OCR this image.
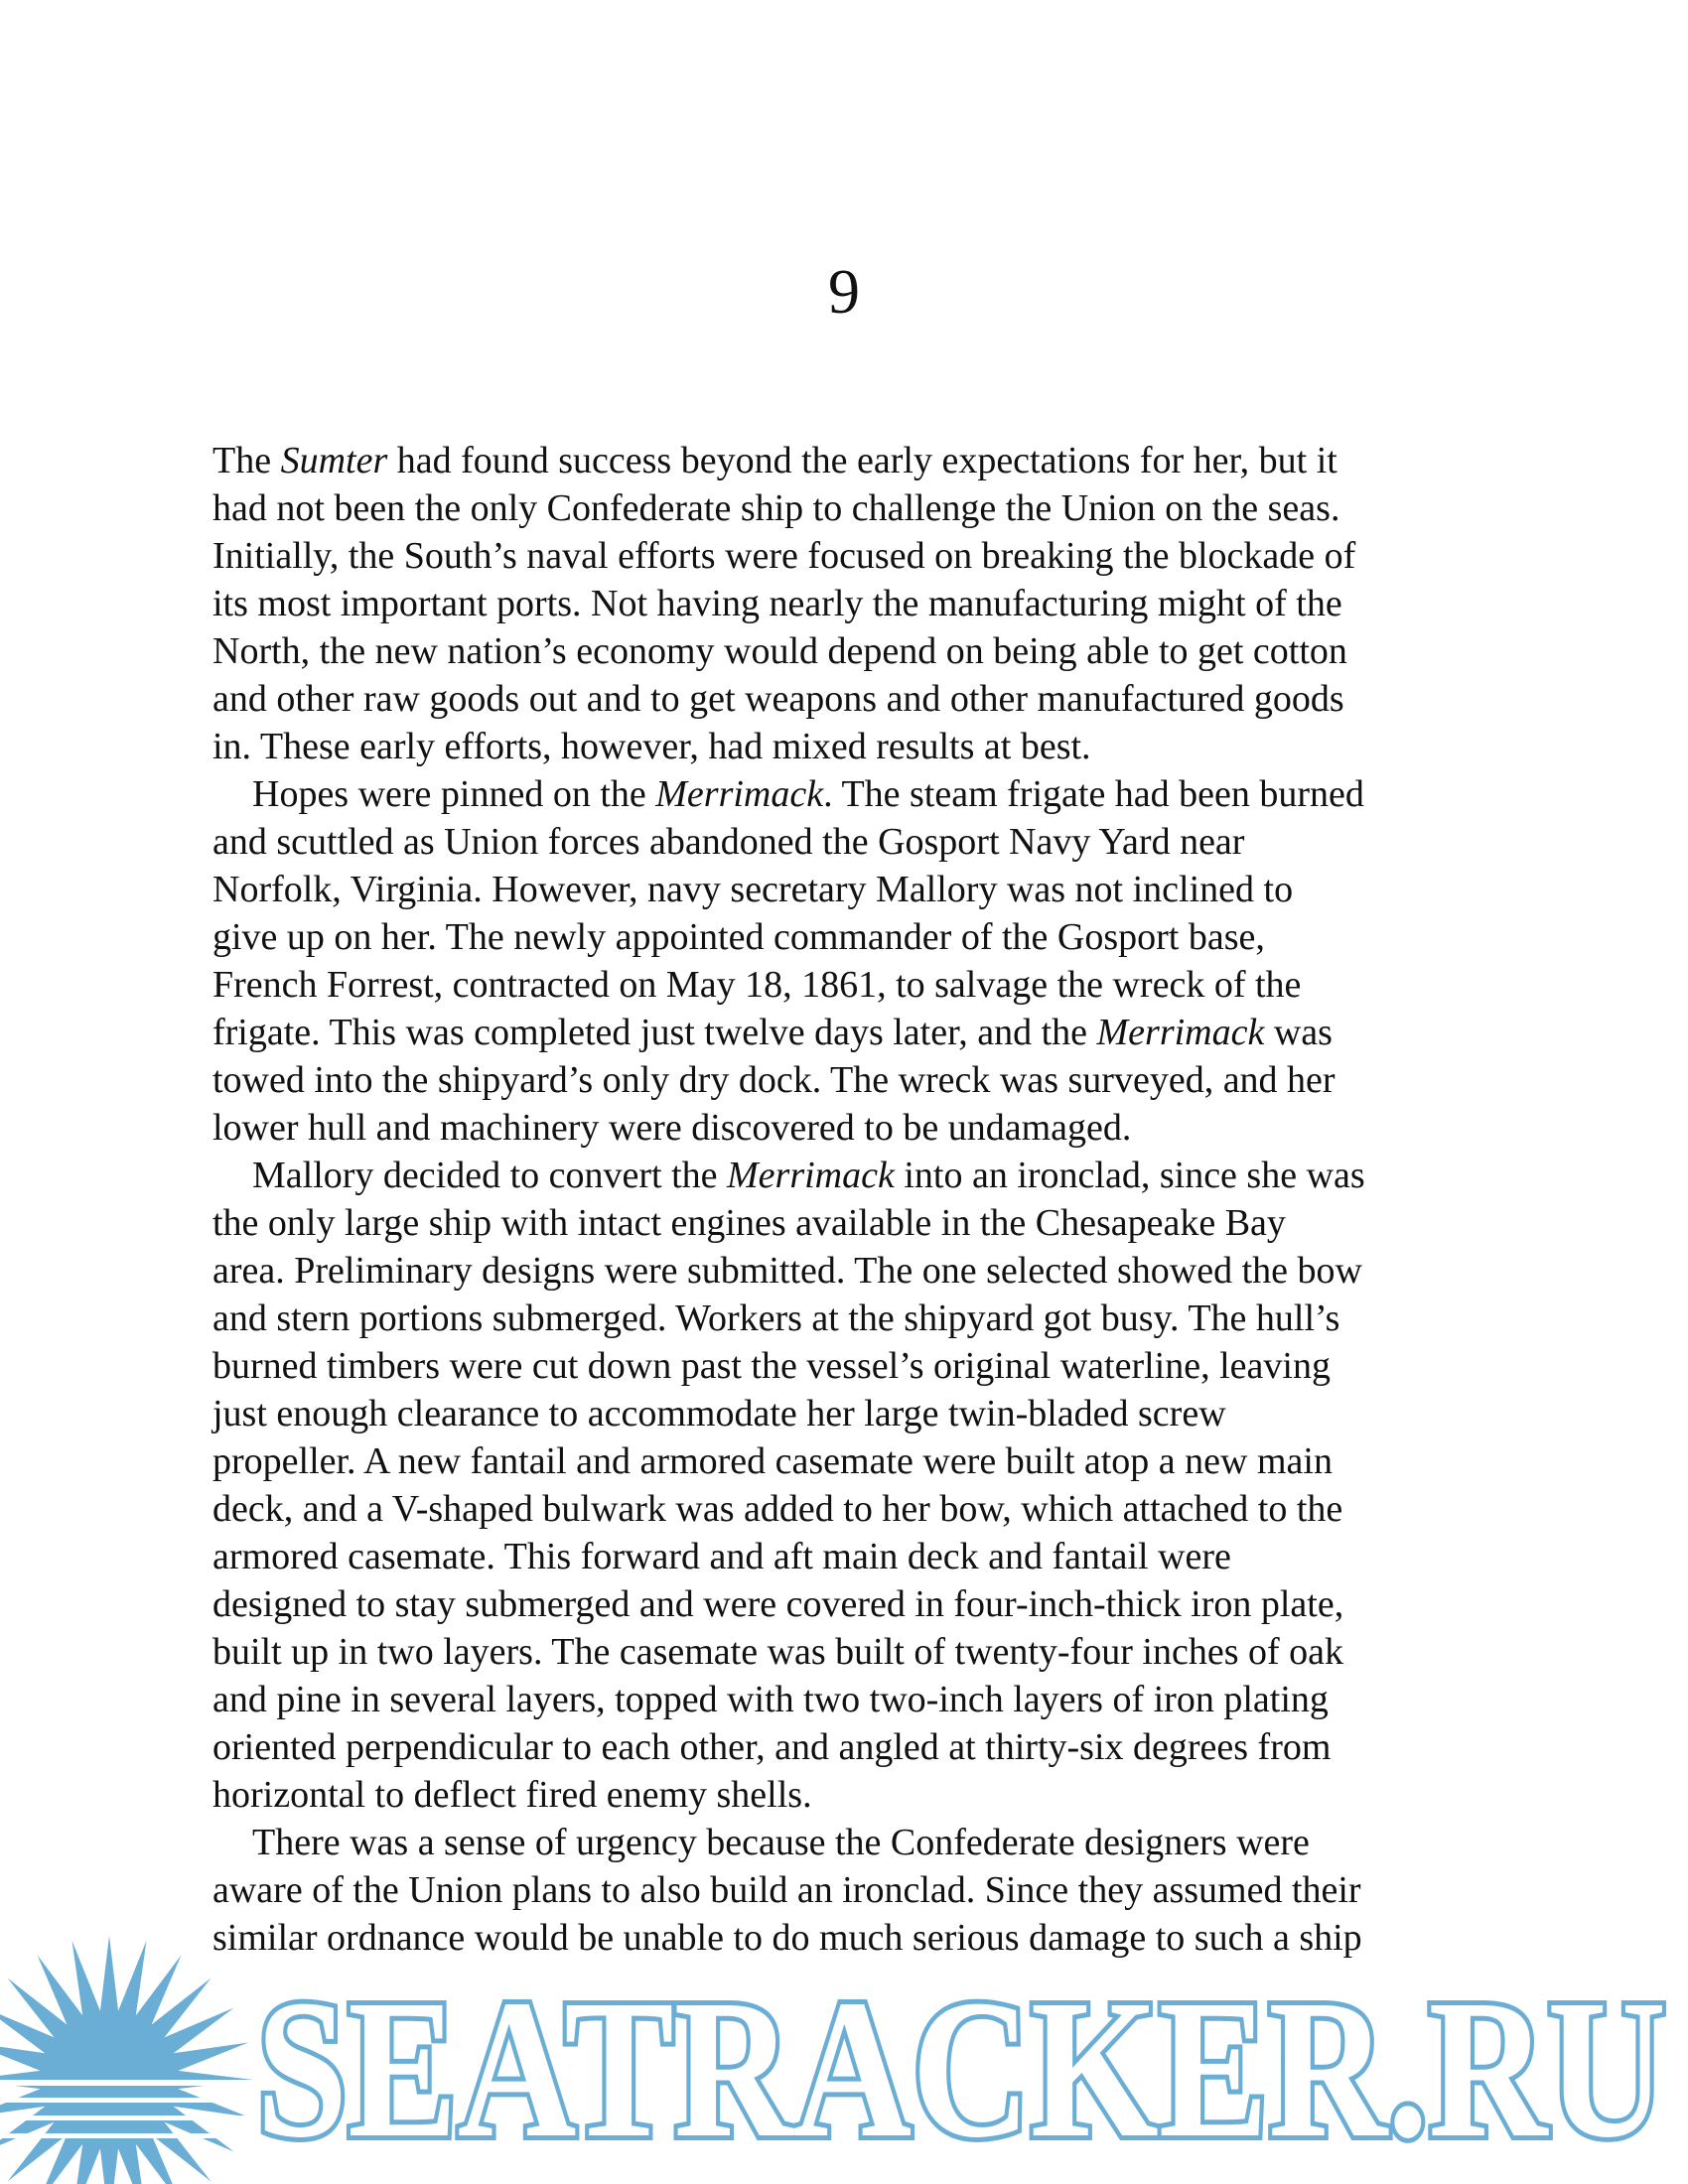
9
The Sumter had found success beyond the early expectations for her, but it
had not been the only Confederate ship to challenge the Union on the seas.
Initially, the South’s naval efforts were focused on breaking the blockade of
its most important ports. Not having nearly the manufacturing might of the
North, the new nation’s economy would depend on being able to get cotton
and other raw goods out and to get weapons and other manufactured goods
in. These early efforts, however, had mixed results at best.
Hopes were pinned on the Merrimack. The steam frigate had been burned
and scuttled as Union forces abandoned the Gosport Navy Yard near
Norfolk, Virginia. However, navy secretary Mallory was not inclined to
give up on her. The newly appointed commander of the Gosport base,
French Forrest, contracted on May 18, 1861, to salvage the wreck of the
frigate. This was completed just twelve days later, and the Merrimack was
towed into the shipyard’s only dry dock. The wreck was surveyed, and her
lower hull and machinery were discovered to be undamaged.
Mallory decided to convert the Merrimack into an ironclad, since she was
the only large ship with intact engines available in the Chesapeake Bay
area. Preliminary designs were submitted. The one selected showed the bow
and stern portions submerged. Workers at the shipyard got busy. The hull’s
burned timbers were cut down past the vessel’s original waterline, leaving
just enough clearance to accommodate her large twin-bladed screw
propeller. A new fantail and armored casemate were built atop a new main
deck, and a V-shaped bulwark was added to her bow, which attached to the
armored casemate. This forward and aft main deck and fantail were
designed to stay submerged and were covered in four-inch-thick iron plate,
built up in two layers. The casemate was built of twenty-four inches of oak
and pine in several layers, topped with two two-inch layers of iron plating
oriented perpendicular to each other, and angled at thirty-six degrees from
horizontal to deflect fired enemy shells.
There was a sense of urgency because the Confederate designers were
aware of the Union plans to also build an ironclad. Since they assumed their
similar ordnance would be unable to do much serious damage to such a ship
SEATRACKER.RU
